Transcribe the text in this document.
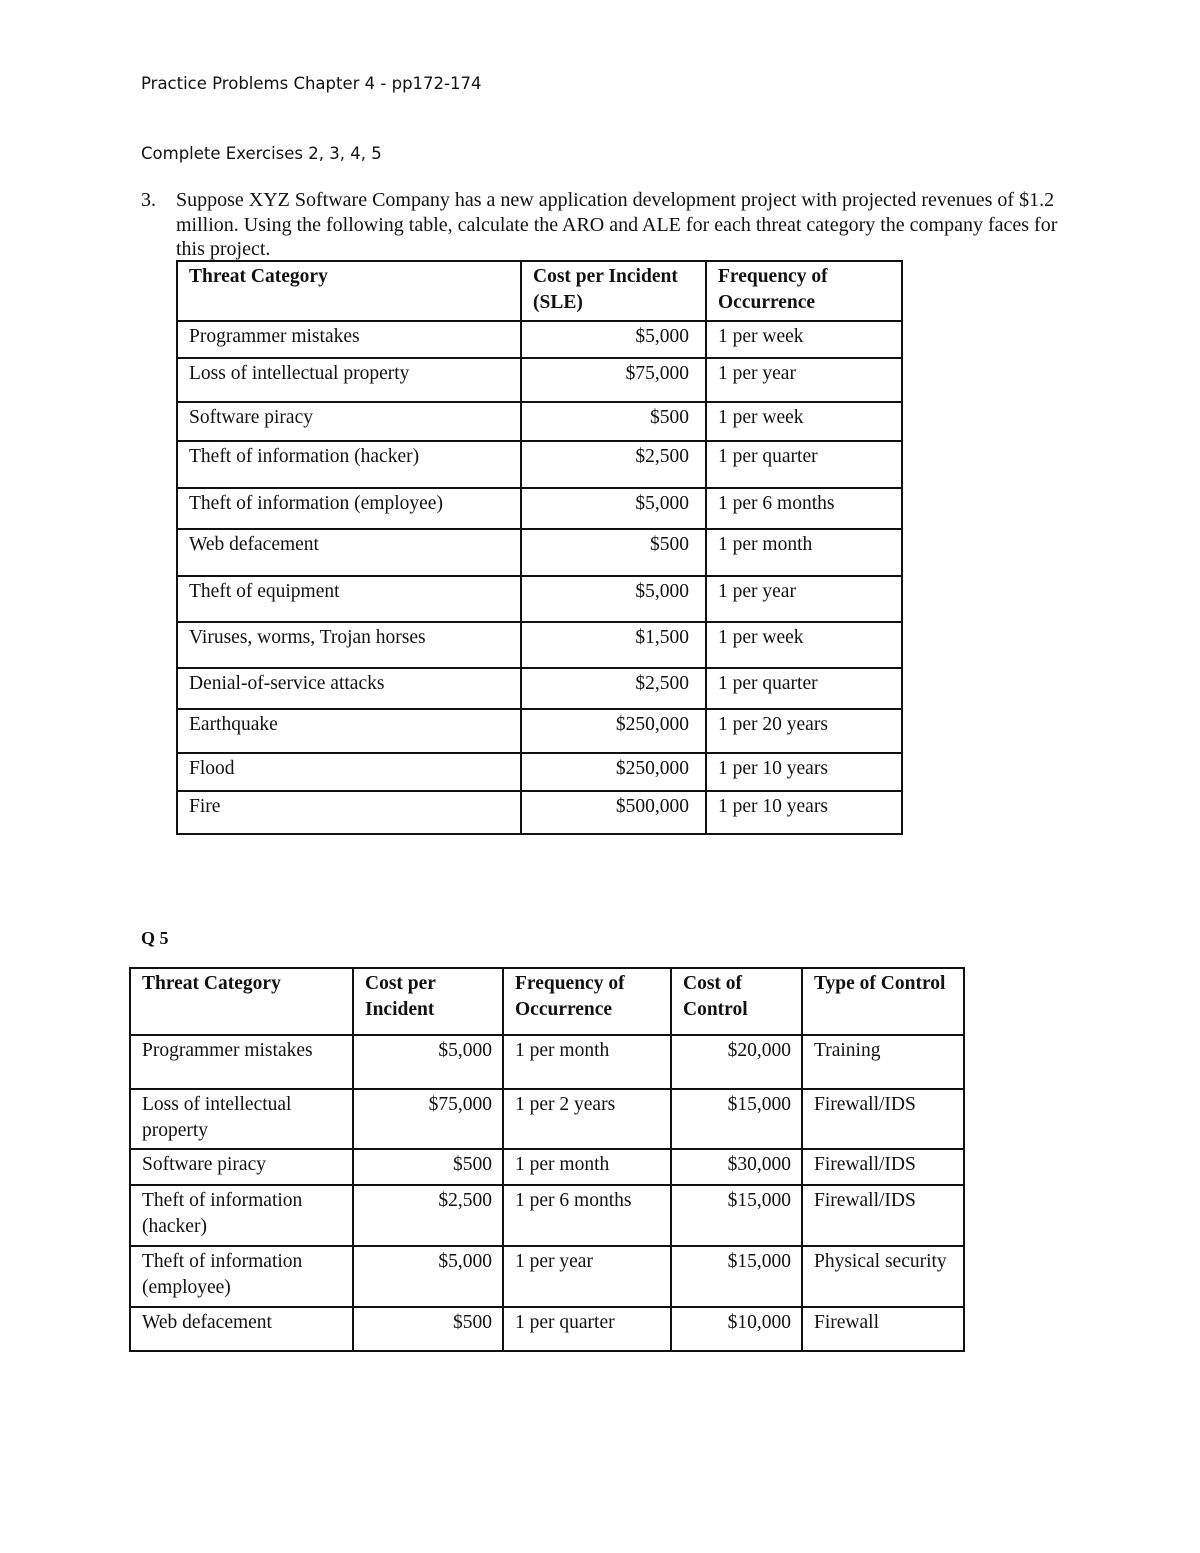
Practice Problems Chapter 4 - pp172-174
Complete Exercises 2, 3, 4, 5
3. Suppose XYZ Software Company has a new application development project with projected revenues of $1.2 million. Using the following table, calculate the ARO and ALE for each threat category the company faces for this project.
Threat Category	Cost per Incident (SLE)	Frequency of Occurrence
Programmer mistakes	$5,000	1 per week
Loss of intellectual property	$75,000	1 per year
Software piracy	$500	1 per week
Theft of information (hacker)	$2,500	1 per quarter
Theft of information (employee)	$5,000	1 per 6 months
Web defacement	$500	1 per month
Theft of equipment	$5,000	1 per year
Viruses, worms, Trojan horses	$1,500	1 per week
Denial-of-service attacks	$2,500	1 per quarter
Earthquake	$250,000	1 per 20 years
Flood	$250,000	1 per 10 years
Fire	$500,000	1 per 10 years
Q 5
Threat Category	Cost per Incident	Frequency of Occurrence	Cost of Control	Type of Control
Programmer mistakes	$5,000	1 per month	$20,000	Training
Loss of intellectual property	$75,000	1 per 2 years	$15,000	Firewall/IDS
Software piracy	$500	1 per month	$30,000	Firewall/IDS
Theft of information (hacker)	$2,500	1 per 6 months	$15,000	Firewall/IDS
Theft of information (employee)	$5,000	1 per year	$15,000	Physical security
Web defacement	$500	1 per quarter	$10,000	Firewall
